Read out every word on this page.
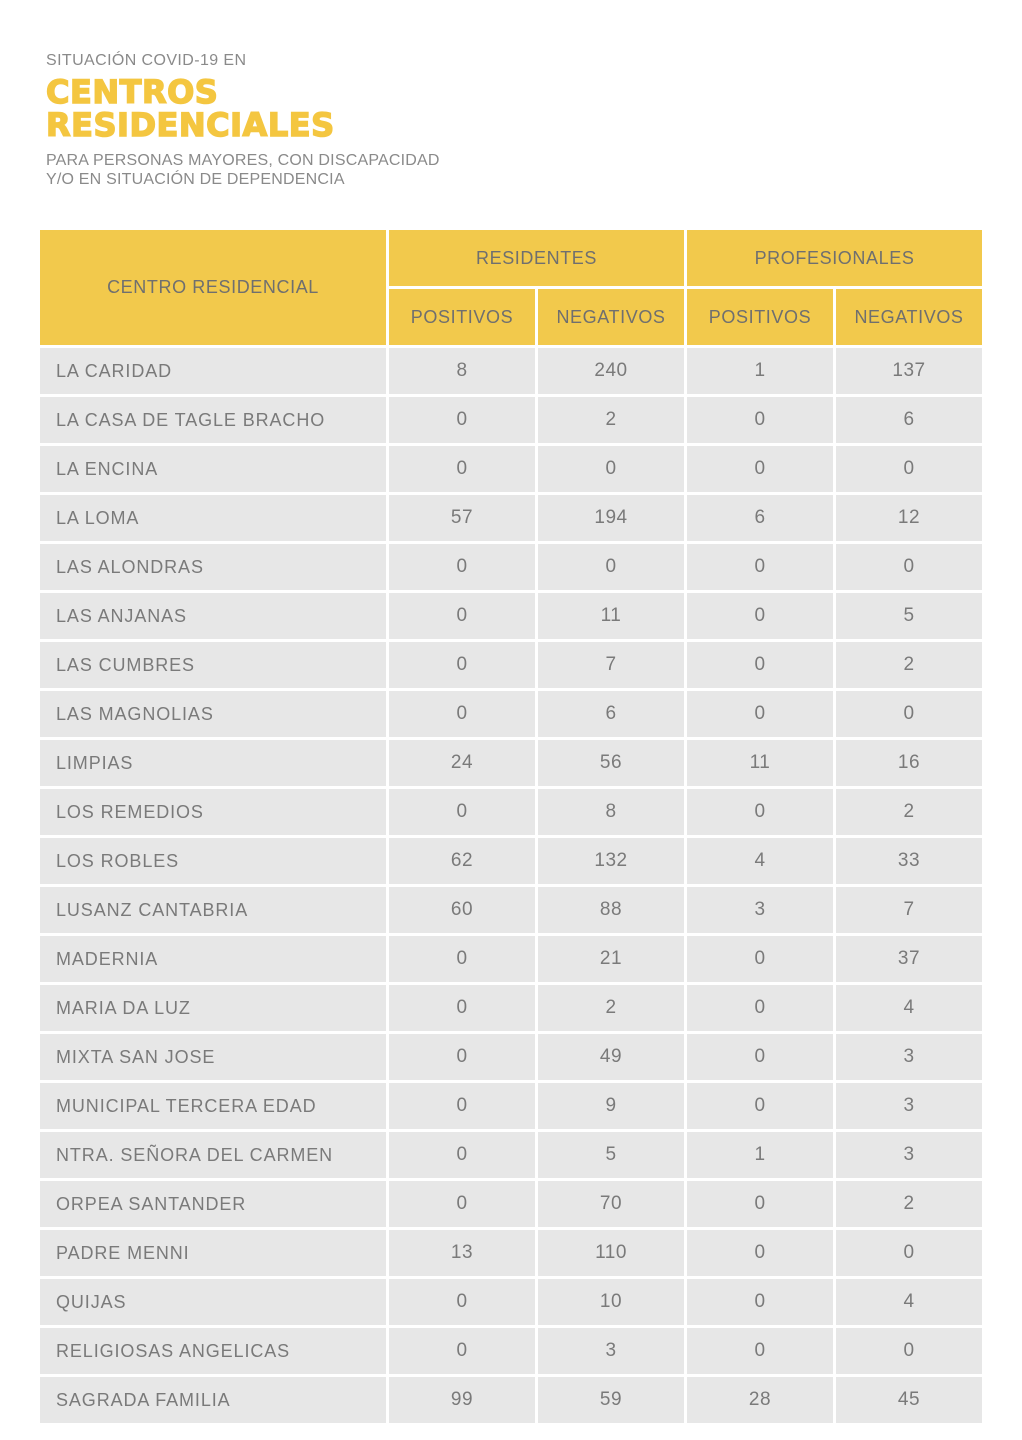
SITUACIÓN COVID-19 EN
CENTROS
RESIDENCIALES
PARA PERSONAS MAYORES, CON DISCAPACIDAD
Y/O EN SITUACIÓN DE DEPENDENCIA
CENTRO RESIDENCIAL
RESIDENTES	PROFESIONALES
POSITIVOS	NEGATIVOS	POSITIVOS	NEGATIVOS
LA CARIDAD	8	240	1	137
LA CASA DE TAGLE BRACHO	0	2	0	6
LA ENCINA	0	0	0	0
LA LOMA	57	194	6	12
LAS ALONDRAS	0	0	0	0
LAS ANJANAS	0	11	0	5
LAS CUMBRES	0	7	0	2
LAS MAGNOLIAS	0	6	0	0
LIMPIAS	24	56	11	16
LOS REMEDIOS	0	8	0	2
LOS ROBLES	62	132	4	33
LUSANZ CANTABRIA	60	88	3	7
MADERNIA	0	21	0	37
MARIA DA LUZ	0	2	0	4
MIXTA SAN JOSE	0	49	0	3
MUNICIPAL TERCERA EDAD	0	9	0	3
NTRA. SEÑORA DEL CARMEN	0	5	1	3
ORPEA SANTANDER	0	70	0	2
PADRE MENNI	13	110	0	0
QUIJAS	0	10	0	4
RELIGIOSAS ANGELICAS	0	3	0	0
SAGRADA FAMILIA	99	59	28	45
